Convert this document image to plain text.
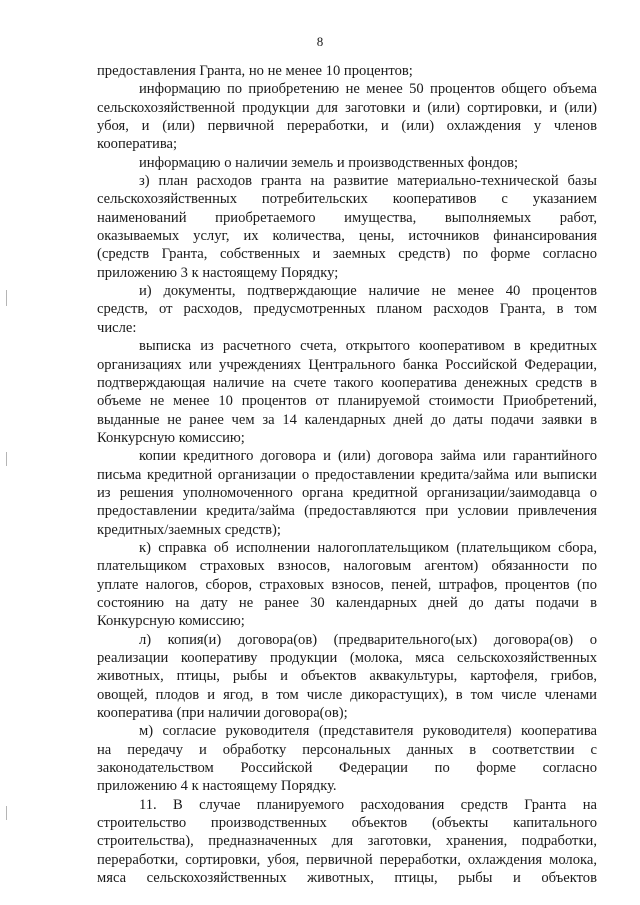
8
предоставления Гранта, но не менее 10 процентов;
информацию по приобретению не менее 50 процентов общего объема
сельскохозяйственной продукции для заготовки и (или) сортировки, и (или)
убоя, и (или) первичной переработки, и (или) охлаждения у членов
кооператива;
информацию о наличии земель и производственных фондов;
з) план расходов гранта на развитие материально-технической базы
сельскохозяйственных потребительских кооперативов с указанием
наименований приобретаемого имущества, выполняемых работ,
оказываемых услуг, их количества, цены, источников финансирования
(средств Гранта, собственных и заемных средств) по форме согласно
приложению 3 к настоящему Порядку;
и) документы, подтверждающие наличие не менее 40 процентов
средств, от расходов, предусмотренных планом расходов Гранта, в том
числе:
выписка из расчетного счета, открытого кооперативом в кредитных
организациях или учреждениях Центрального банка Российской Федерации,
подтверждающая наличие на счете такого кооператива денежных средств в
объеме не менее 10 процентов от планируемой стоимости Приобретений,
выданные не ранее чем за 14 календарных дней до даты подачи заявки в
Конкурсную комиссию;
копии кредитного договора и (или) договора займа или гарантийного
письма кредитной организации о предоставлении кредита/займа или выписки
из решения уполномоченного органа кредитной организации/заимодавца о
предоставлении кредита/займа (предоставляются при условии привлечения
кредитных/заемных средств);
к) справка об исполнении налогоплательщиком (плательщиком сбора,
плательщиком страховых взносов, налоговым агентом) обязанности по
уплате налогов, сборов, страховых взносов, пеней, штрафов, процентов (по
состоянию на дату не ранее 30 календарных дней до даты подачи в
Конкурсную комиссию;
л) копия(и) договора(ов) (предварительного(ых) договора(ов) о
реализации кооперативу продукции (молока, мяса сельскохозяйственных
животных, птицы, рыбы и объектов аквакультуры, картофеля, грибов,
овощей, плодов и ягод, в том числе дикорастущих), в том числе членами
кооператива (при наличии договора(ов);
м) согласие руководителя (представителя руководителя) кооператива
на передачу и обработку персональных данных в соответствии с
законодательством Российской Федерации по форме согласно
приложению 4 к настоящему Порядку.
11. В случае планируемого расходования средств Гранта на
строительство производственных объектов (объекты капитального
строительства), предназначенных для заготовки, хранения, подработки,
переработки, сортировки, убоя, первичной переработки, охлаждения молока,
мяса сельскохозяйственных животных, птицы, рыбы и объектов
